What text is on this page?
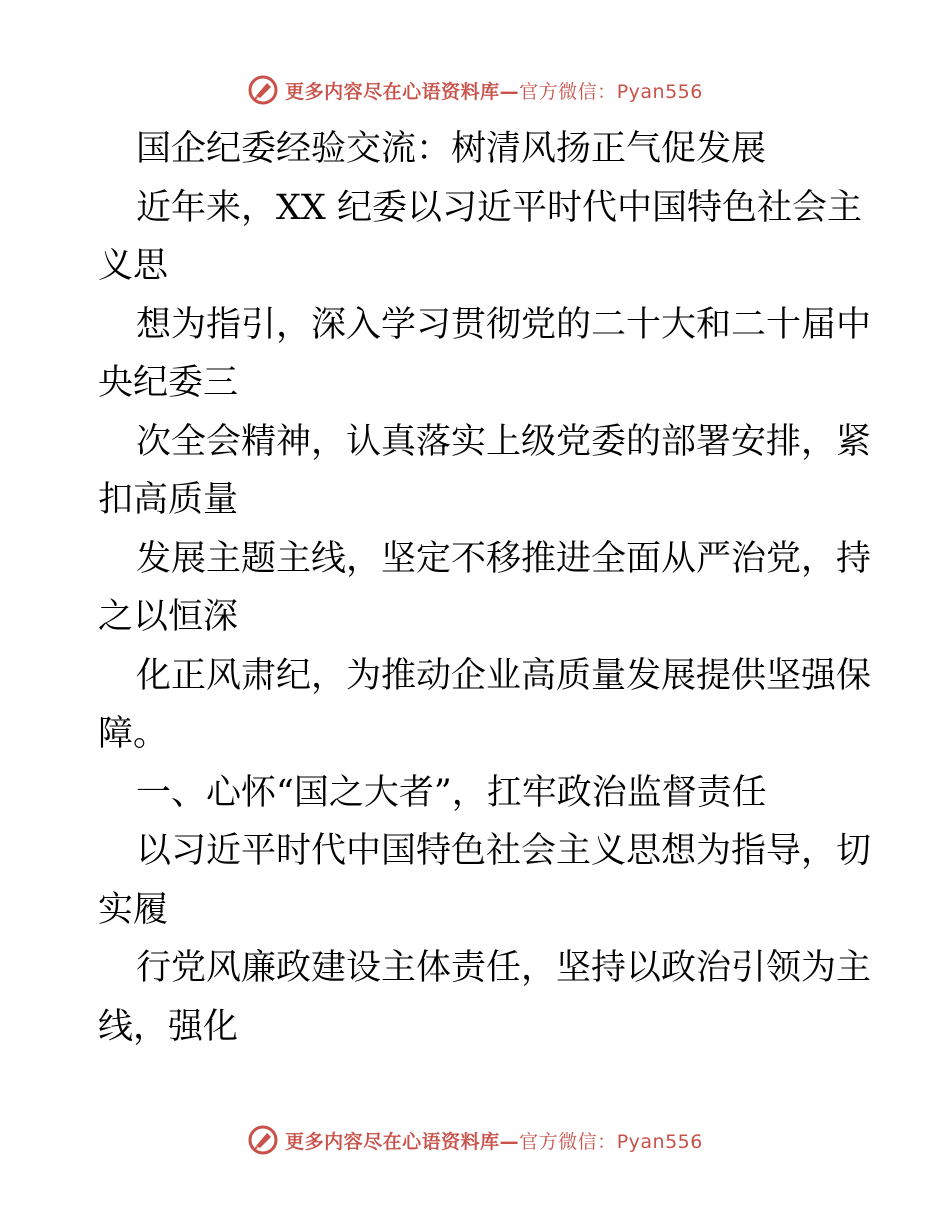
更多内容尽在心语资料库—官方微信：Pyan556
国企纪委经验交流：树清风扬正气促发展
近年来，XX 纪委以习近平时代中国特色社会主
义思
想为指引，深入学习贯彻党的二十大和二十届中
央纪委三
次全会精神，认真落实上级党委的部署安排，紧
扣高质量
发展主题主线，坚定不移推进全面从严治党，持
之以恒深
化正风肃纪，为推动企业高质量发展提供坚强保
障。
一、心怀“国之大者”，扛牢政治监督责任
以习近平时代中国特色社会主义思想为指导，切
实履
行党风廉政建设主体责任，坚持以政治引领为主
线，强化
更多内容尽在心语资料库—官方微信：Pyan556
